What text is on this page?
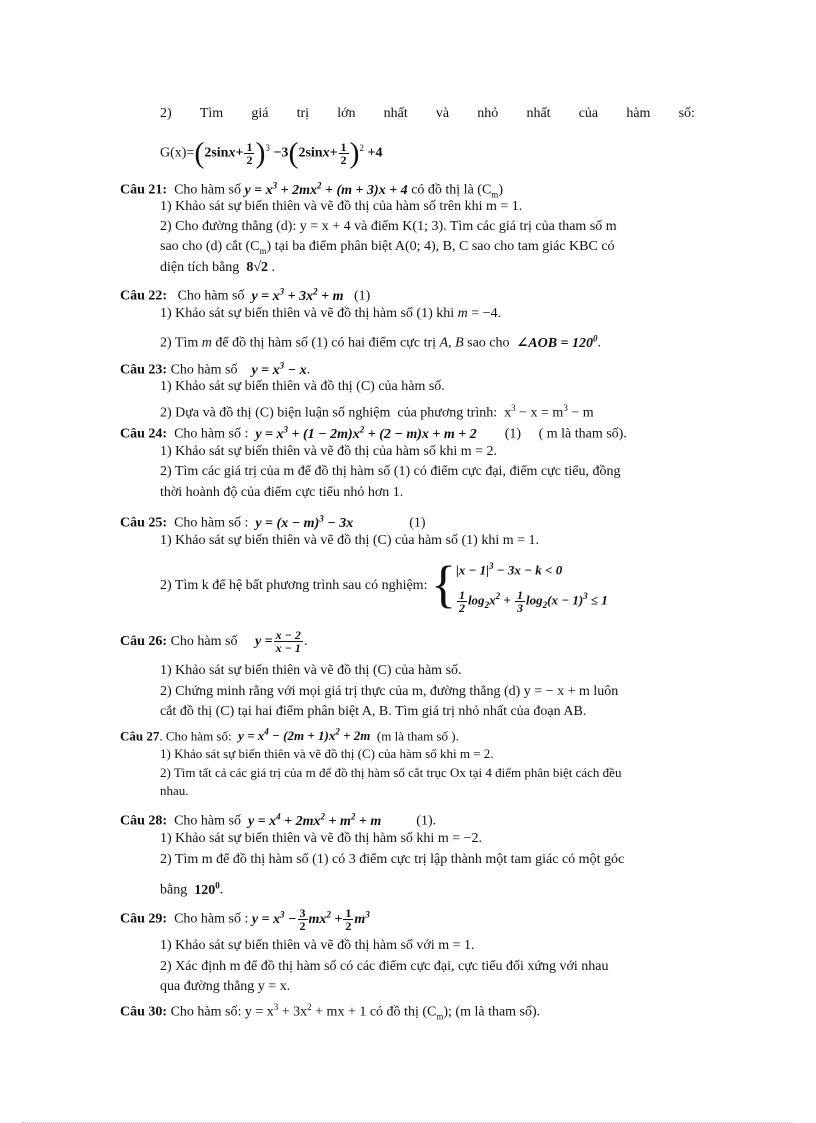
2) Tìm giá trị lớn nhất và nhỏ nhất của hàm số:
$G(x)=(2\sin x+ \frac{1}{2} )^3 -3(2\sin x+ \frac{1}{2} )^2 +4$
Câu 21:  Cho hàm số $y = x^3 + 2mx^2 + (m + 3)x + 4$ có đồ thị là $(C_m)$
1) Khảo sát sự biến thiên và vẽ đồ thị của hàm số trên khi m = 1.
2) Cho đường thẳng (d): y = x + 4 và điểm K(1; 3). Tìm các giá trị của tham số m
sao cho (d) cắt $(C_m)$ tại ba điểm phân biệt A(0; 4), B, C sao cho tam giác KBC có
diện tích bằng  8√2 .
Câu 22:   Cho hàm số  $y = x^3 + 3x^2 + m$   (1)
1) Khảo sát sự biến thiên và vẽ đồ thị hàm số (1) khi m = −4.
2) Tìm m để đồ thị hàm số (1) có hai điểm cực trị A, B sao cho  ∠AOB = $120^0$.
Câu 23: Cho hàm số    $y = x^3 - x$.
1) Khảo sát sự biến thiên và đồ thị (C) của hàm số.
2) Dựa và đồ thị (C) biện luận số nghiệm  của phương trình:  $x^3 - x = m^3 - m$
Câu 24:  Cho hàm số :  $y = x^3 + (1 - 2m)x^2 + (2 - m)x + m + 2$        (1)     ( m là tham số).
1) Khảo sát sự biến thiên và vẽ đồ thị của hàm số khi m = 2.
2) Tìm các giá trị của m để đồ thị hàm số (1) có điểm cực đại, điểm cực tiểu, đồng
thời hoành độ của điểm cực tiểu nhỏ hơn 1.
Câu 25:  Cho hàm số :  $y = (x - m)^3 - 3x$                (1)
1) Khảo sát sự biến thiên và vẽ đồ thị (C) của hàm số (1) khi m = 1.
2) Tìm k để hệ bất phương trình sau có nghiệm: { $|x - 1|^3 - 3x - k < 0$
$\frac{1}{2} \log_2x^2 + \frac{1}{3} \log_2(x - 1)^3 \le 1$
Câu 26: Cho hàm số     $y = \frac{x - 2}{x - 1}$ .
1) Khảo sát sự biến thiên và vẽ đồ thị (C) của hàm số.
2) Chứng minh rằng với mọi giá trị thực của m, đường thẳng (d) y = − x + m luôn
cắt đồ thị (C) tại hai điểm phân biệt A, B. Tìm giá trị nhỏ nhất của đoạn AB.
Câu 27. Cho hàm số:  $y = x^4 - (2m + 1)x^2 + 2m$  (m là tham số ).
1) Khảo sát sự biến thiên và vẽ đồ thị (C) của hàm số khi m = 2.
2) Tìm tất cả các giá trị của m để đồ thị hàm số cắt trục Ox tại 4 điểm phân biệt cách đều
nhau.
Câu 28:  Cho hàm số  $y = x^4 + 2mx^2 + m^2 + m$          (1).
1) Khảo sát sự biến thiên và vẽ đồ thị hàm số khi m = −2.
2) Tìm m để đồ thị hàm số (1) có 3 điểm cực trị lập thành một tam giác có một góc
bằng  $120^0$.
Câu 29:  Cho hàm số : $y = x^3 - \frac{3}{2} mx^2 + \frac{1}{2} m^3$
1) Khảo sát sự biến thiên và vẽ đồ thị hàm số với m = 1.
2) Xác định m để đồ thị hàm số có các điểm cực đại, cực tiểu đối xứng với nhau
qua đường thẳng y = x.
Câu 30: Cho hàm số: $y = x^3 + 3x^2$ + mx + 1 có đồ thị $(C_m)$; (m là tham số).
